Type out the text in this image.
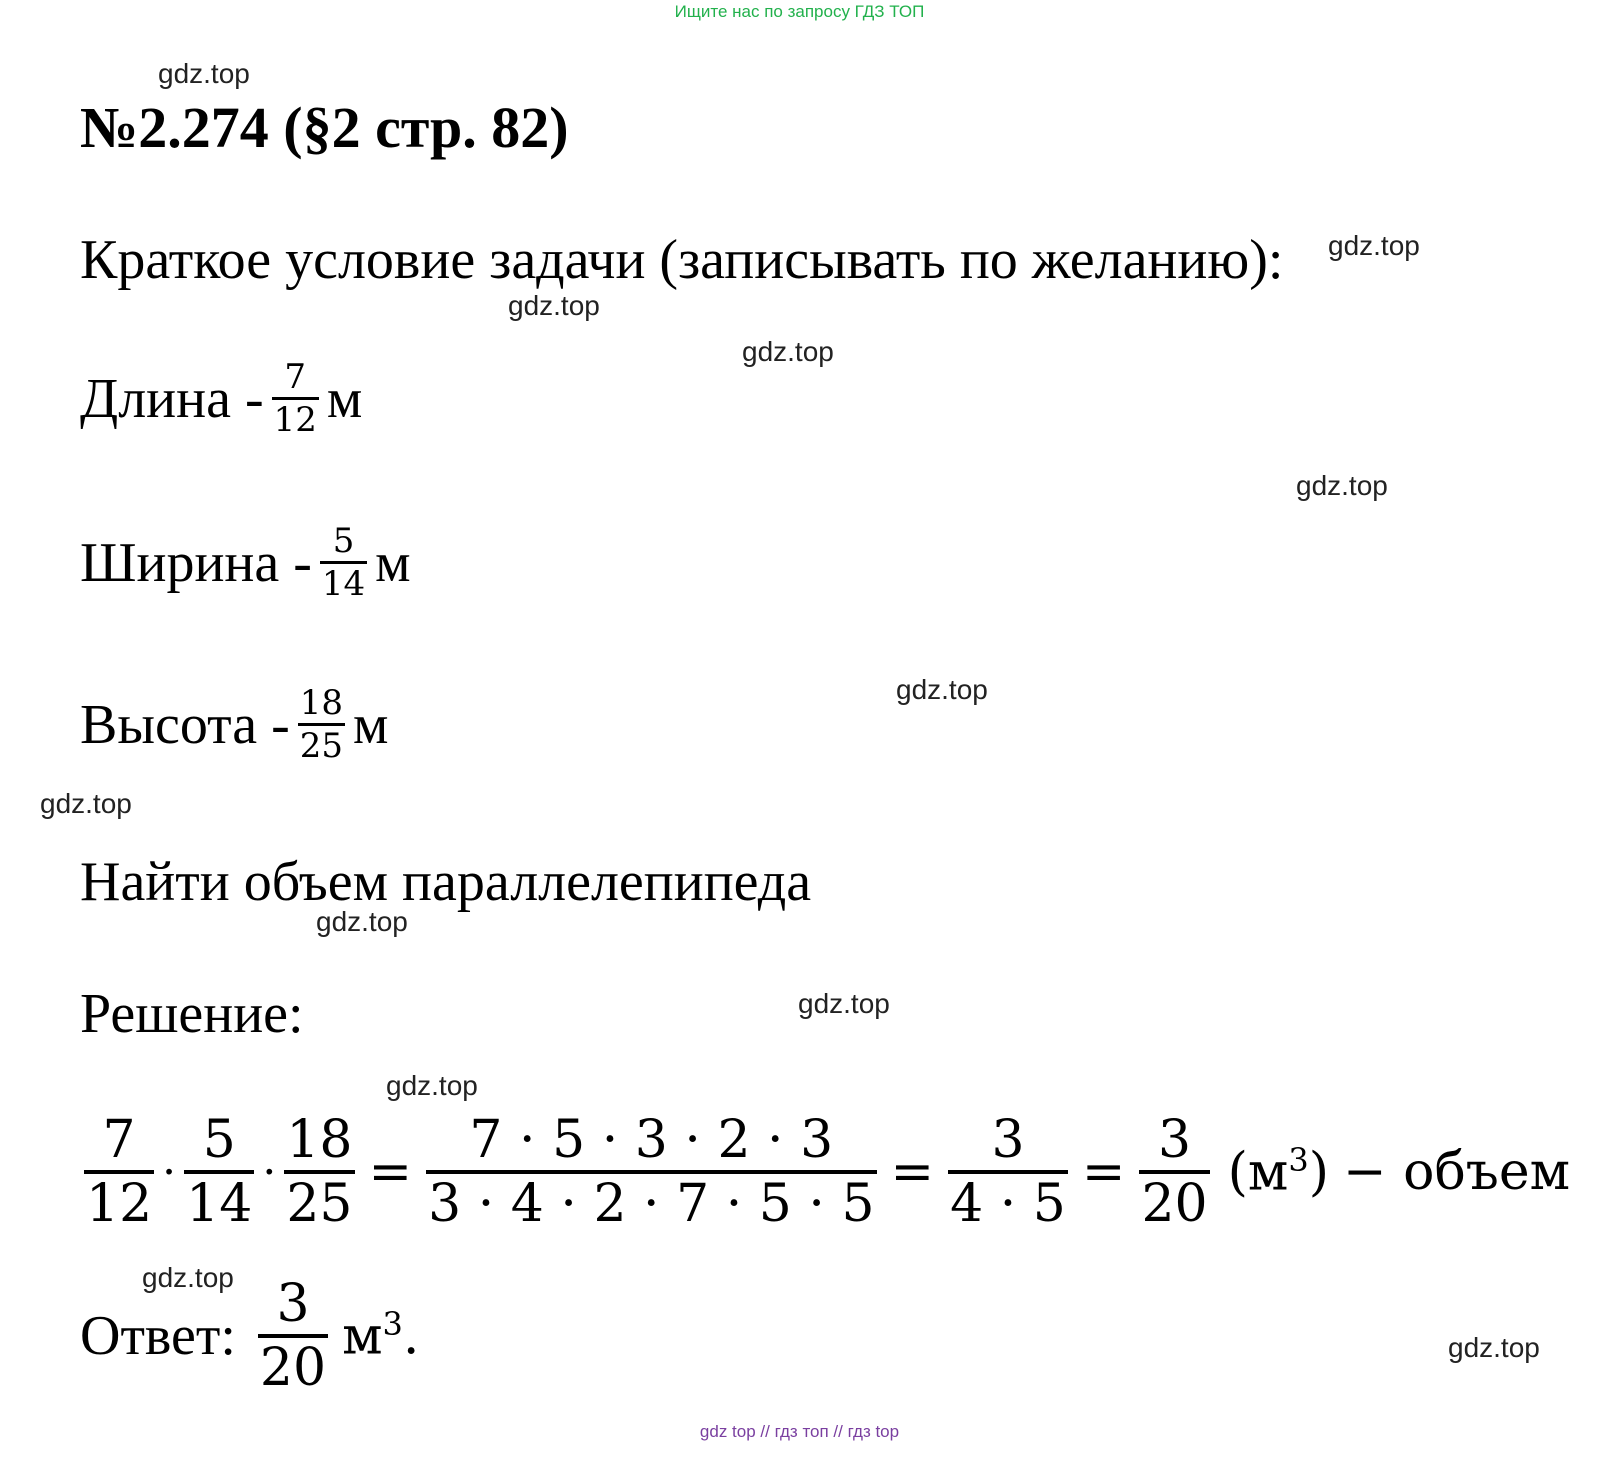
Ищите нас по запросу ГДЗ ТОП
№2.274 (§2 стр. 82)
Краткое условие задачи (записывать по желанию):
Длина - $\frac{7}{12}$ м
Ширина - $\frac{5}{14}$ м
Высота - $\frac{18}{25}$ м
Найти объем параллелепипеда
Решение:
$\frac{7}{12} \cdot \frac{5}{14} \cdot \frac{18}{25} = \frac{7 \cdot 5 \cdot 3 \cdot 2 \cdot 3}{3 \cdot 4 \cdot 2 \cdot 7 \cdot 5 \cdot 5} = \frac{3}{4 \cdot 5} = \frac{3}{20} (м^3)$ − объем
Ответ: $\frac{3}{20} м^3$.
gdz.top
gdz.top
gdz.top
gdz.top
gdz.top
gdz.top
gdz.top
gdz.top
gdz.top
gdz.top
gdz.top
gdz.top
gdz top // гдз топ // гдз top
